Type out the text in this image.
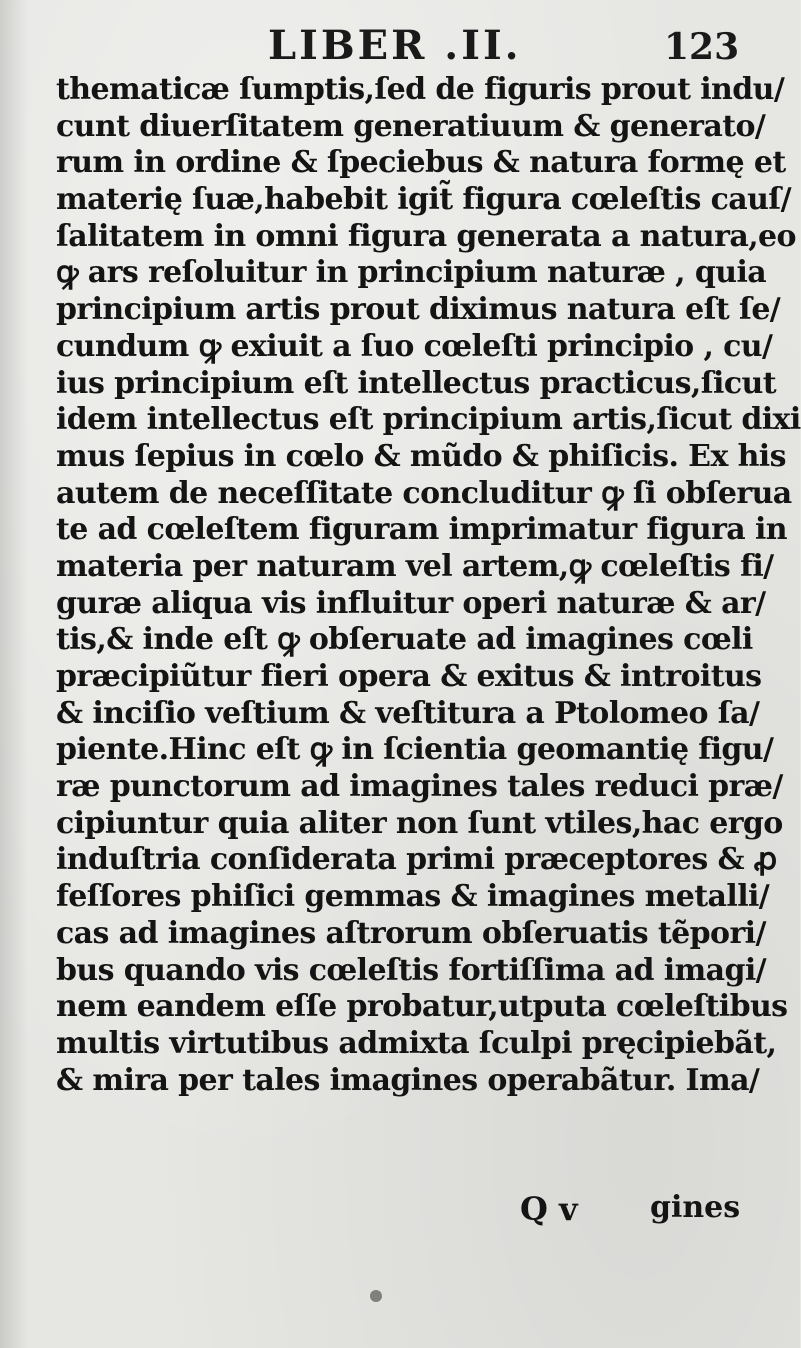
LIBER .II.	123
thematicæ ſumptis,ſed de figuris prout indu/
cunt diuerſitatem generatiuum & generato/
rum in ordine & ſpeciebus & natura formę et
materię ſuæ,habebit igit̃ figura cœleſtis cauſ/
ſalitatem in omni figura generata a natura,eo
ꝙ ars reſoluitur in principium naturæ , quia
principium artis prout diximus natura eſt ſe/
cundum ꝙ exiuit a ſuo cœleſti principio , cu/
ius principium eſt intellectus practicus,ſicut
idem intellectus eſt principium artis,ſicut dixi
mus ſepius in cœlo & mũdo & phiſicis. Ex his
autem de neceſſitate concluditur ꝙ ſi obſerua
te ad cœleſtem figuram imprimatur figura in
materia per naturam vel artem,ꝙ cœleſtis fi/
guræ aliqua vis influitur operi naturæ & ar/
tis,& inde eſt ꝙ obſeruate ad imagines cœli
præcipiũtur fieri opera & exitus & introitus
& inciſio veſtium & veſtitura a Ptolomeo ſa/
piente.Hinc eſt ꝙ in ſcientia geomantię figu/
ræ punctorum ad imagines tales reduci præ/
cipiuntur quia aliter non ſunt vtiles,hac ergo
induſtria conſiderata primi præceptores & ꝓ
feſſores phiſici gemmas & imagines metalli/
cas ad imagines aſtrorum obſeruatis tẽpori/
bus quando vis cœleſtis fortiſſima ad imagi/
nem eandem eſſe probatur,utputa cœleſtibus
multis virtutibus admixta ſculpi pręcipiebãt,
& mira per tales imagines operabãtur. Ima/
Q v gines
